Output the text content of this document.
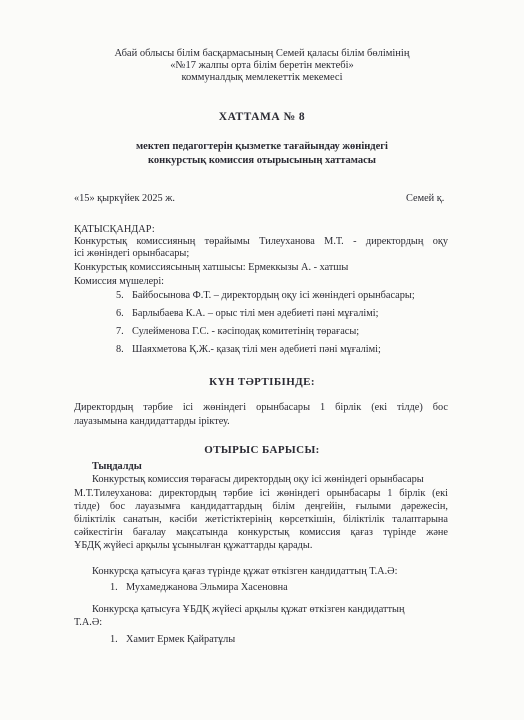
Абай облысы білім басқармасының Семей қаласы білім бөлімінің
«№17 жалпы орта білім беретін мектебі»
коммуналдық мемлекеттік мекемесі
ХАТТАМА № 8
мектеп педагогтерін қызметке тағайындау жөніндегі
конкурстық комиссия отырысының хаттамасы
«15» қыркүйек 2025 ж.	Семей қ.
ҚАТЫСҚАНДАР:
Конкурстық комиссияның төрайымы Тилеуханова М.Т. - директордың оқу
ісі жөніндегі орынбасары;
Конкурстық комиссиясының хатшысы: Ермеккызы А. - хатшы
Комиссия мүшелері:
5. Байбосынова Ф.Т. – директордың оқу ісі жөніндегі орынбасары;
6. Барлыбаева К.А. – орыс тілі мен әдебиеті пәні мұғалімі;
7. Сулейменова Г.С. - кәсіподақ комитетінің төрағасы;
8. Шаяхметова Қ.Ж.- қазақ тілі мен әдебиеті пәні мұғалімі;
КҮН ТӘРТІБІНДЕ:
Директордың тәрбие ісі жөніндегі орынбасары 1 бірлік (екі тілде) бос
лауазымына кандидаттарды іріктеу.
ОТЫРЫС БАРЫСЫ:
Тыңдалды
Конкурстық комиссия төрағасы директордың оқу ісі жөніндегі орынбасары
М.Т.Тилеуханова: директордың тәрбие ісі жөніндегі орынбасары 1 бірлік (екі
тілде) бос лауазымға кандидаттардың білім деңгейін, ғылыми дәрежесін,
біліктілік санатын, кәсіби жетістіктерінің көрсеткішін, біліктілік талаптарына
сәйкестігін бағалау мақсатында конкурстық комиссия қағаз түрінде және
ҰБДҚ жүйесі арқылы ұсынылған құжаттарды қарады.
Конкурсқа қатысуға қағаз түрінде құжат өткізген кандидаттың Т.А.Ә:
1. Мухамеджанова Эльмира Хасеновна
Конкурсқа қатысуға ҰБДҚ жүйесі арқылы құжат өткізген кандидаттың
Т.А.Ә:
1. Хамит Ермек Қайратұлы
